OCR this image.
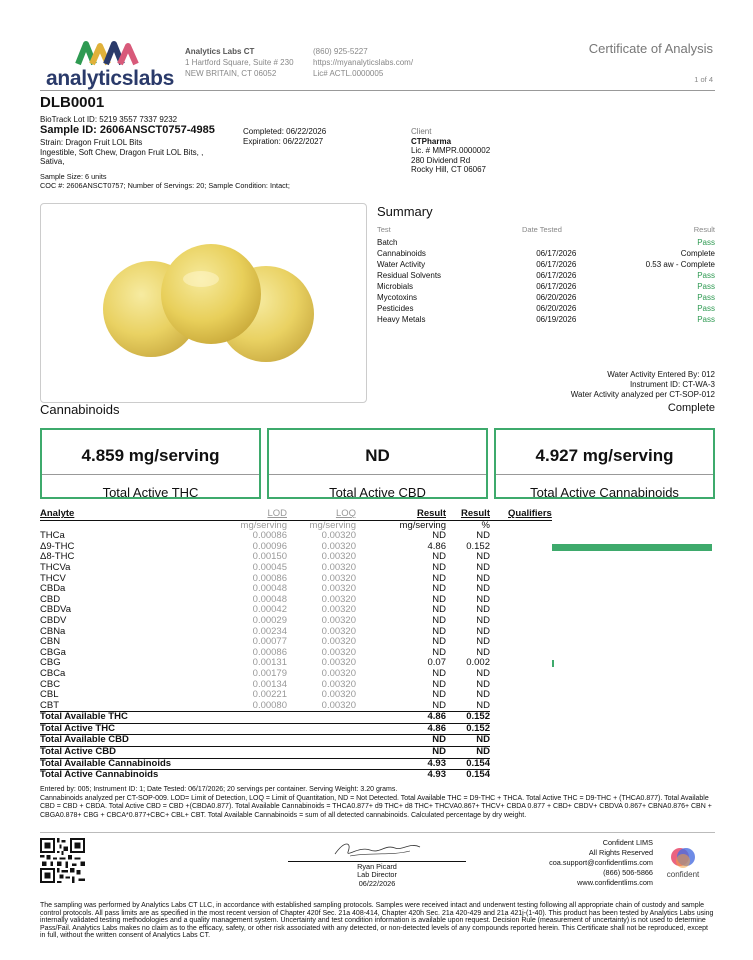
analyticslabs
Analytics Labs CT
1 Hartford Square, Suite # 230
NEW BRITAIN, CT 06052
(860) 925-5227
https://myanalyticslabs.com/
Lic# ACTL.0000005
Certificate of Analysis
1 of 4
DLB0001
BioTrack Lot ID: 5219 3557 7337 9232
Sample ID: 2606ANSCT0757-4985
Strain: Dragon Fruit LOL Bits
Ingestible, Soft Chew, Dragon Fruit LOL Bits, ,
Sativa,
Completed: 06/22/2026
Expiration: 06/22/2027
Client
CTPharma
Lic. # MMPR.0000002
280 Dividend Rd
Rocky Hill, CT 06067
Sample Size: 6 units
COC #: 2606ANSCT0757; Number of Servings: 20; Sample Condition: Intact;
Summary
Test	Date Tested	Result
Batch		Pass
Cannabinoids	06/17/2026	Complete
Water Activity	06/17/2026	0.53 aw - Complete
Residual Solvents	06/17/2026	Pass
Microbials	06/17/2026	Pass
Mycotoxins	06/20/2026	Pass
Pesticides	06/20/2026	Pass
Heavy Metals	06/19/2026	Pass
Water Activity Entered By: 012
Instrument ID: CT-WA-3
Water Activity analyzed per CT-SOP-012
Cannabinoids	Complete
4.859 mg/serving
Total Active THC
ND
Total Active CBD
4.927 mg/serving
Total Active Cannabinoids
Analyte	LOD	LOQ	Result	Result	Qualifiers	
	mg/serving	mg/serving	mg/serving	%		
THCa	0.00086	0.00320	ND	ND		
Δ9-THC	0.00096	0.00320	4.86	0.152		

Δ8-THC	0.00150	0.00320	ND	ND		
THCVa	0.00045	0.00320	ND	ND		
THCV	0.00086	0.00320	ND	ND		
CBDa	0.00048	0.00320	ND	ND		
CBD	0.00048	0.00320	ND	ND		
CBDVa	0.00042	0.00320	ND	ND		
CBDV	0.00029	0.00320	ND	ND		
CBNa	0.00234	0.00320	ND	ND		
CBN	0.00077	0.00320	ND	ND		
CBGa	0.00086	0.00320	ND	ND		
CBG	0.00131	0.00320	0.07	0.002		

CBCa	0.00179	0.00320	ND	ND		
CBC	0.00134	0.00320	ND	ND		
CBL	0.00221	0.00320	ND	ND		
CBT	0.00080	0.00320	ND	ND		
Total Available THC			4.86	0.152		
Total Active THC			4.86	0.152		
Total Available CBD			ND	ND		
Total Active CBD			ND	ND		
Total Available Cannabinoids			4.93	0.154		
Total Active Cannabinoids			4.93	0.154		
Entered by: 005; Instrument ID: 1; Date Tested: 06/17/2026; 20 servings per container. Serving Weight: 3.20 grams.
Cannabinoids analyzed per CT-SOP-009. LOD= Limit of Detection, LOQ = Limit of Quantitation, ND = Not Detected. Total Available THC = D9-THC + THCA. Total Active THC = D9-THC + (THCA0.877). Total Available CBD = CBD + CBDA. Total Active CBD = CBD +(CBDA0.877). Total Available Cannabinoids = THCA0.877+ d9 THC+ d8 THC+ THCVA0.867+ THCV+ CBDA 0.877 + CBD+ CBDV+ CBDVA 0.867+ CBNA0.876+ CBN + CBGA0.878+ CBG + CBCA*0.877+CBC+ CBL+ CBT. Total Available Cannabinoids = sum of all detected cannabinoids. Calculated percentage by dry weight.
Ryan Picard
Lab Director
06/22/2026
Confident LIMS
All Rights Reserved
coa.support@confidentlims.com
(866) 506-5866
www.confidentlims.com
confident
The sampling was performed by Analytics Labs CT LLC, in accordance with established sampling protocols. Samples were received intact and underwent testing following all appropriate chain of custody and sample control protocols. All pass limits are as specified in the most recent version of Chapter 420f Sec. 21a 408-414, Chapter 420h Sec. 21a 420-429 and 21a 421j-(1-40). This product has been tested by Analytics Labs using internally validated testing methodologies and a quality management system. Uncertainty and test condition information is available upon request. Decision Rule (measurement of uncertainty) is not used to determine Pass/Fail. Analytics Labs makes no claim as to the efficacy, safety, or other risk associated with any detected, or non-detected levels of any compounds reported herein. This Certificate shall not be reproduced, except in full, without the written consent of Analytics Labs CT.
